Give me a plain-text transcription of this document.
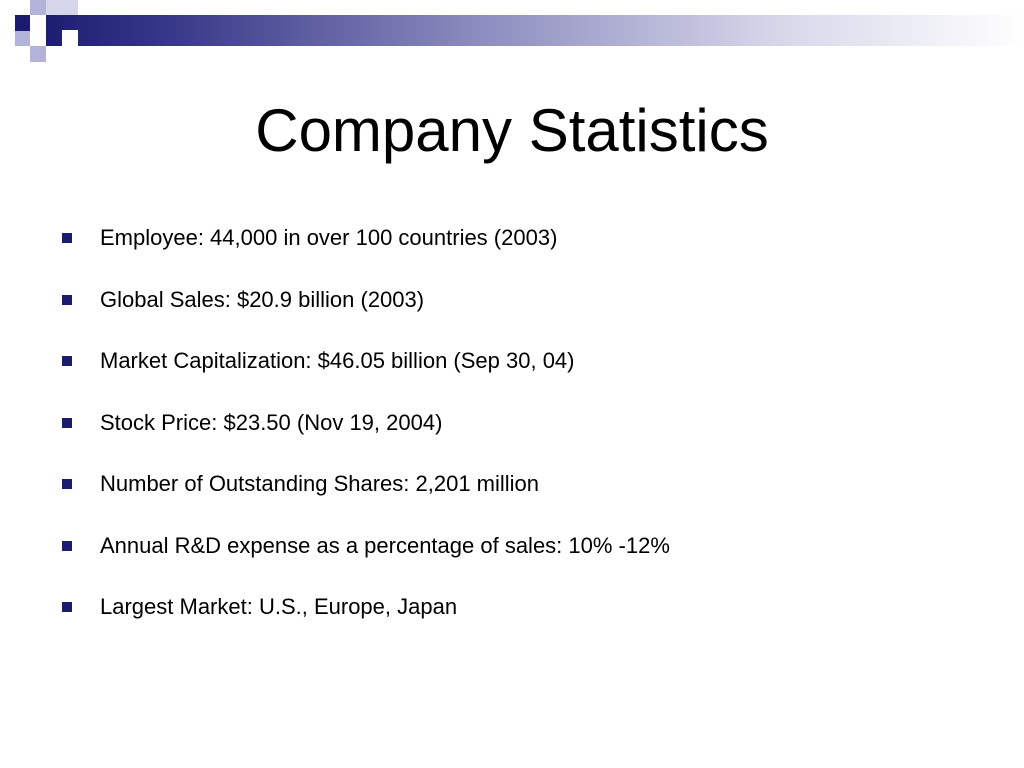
Company Statistics
Employee: 44,000 in over 100 countries (2003)
Global Sales: $20.9 billion (2003)
Market Capitalization: $46.05 billion (Sep 30, 04)
Stock Price: $23.50 (Nov 19, 2004)
Number of Outstanding Shares: 2,201 million
Annual R&D expense as a percentage of sales: 10% -12%
Largest Market: U.S., Europe, Japan
